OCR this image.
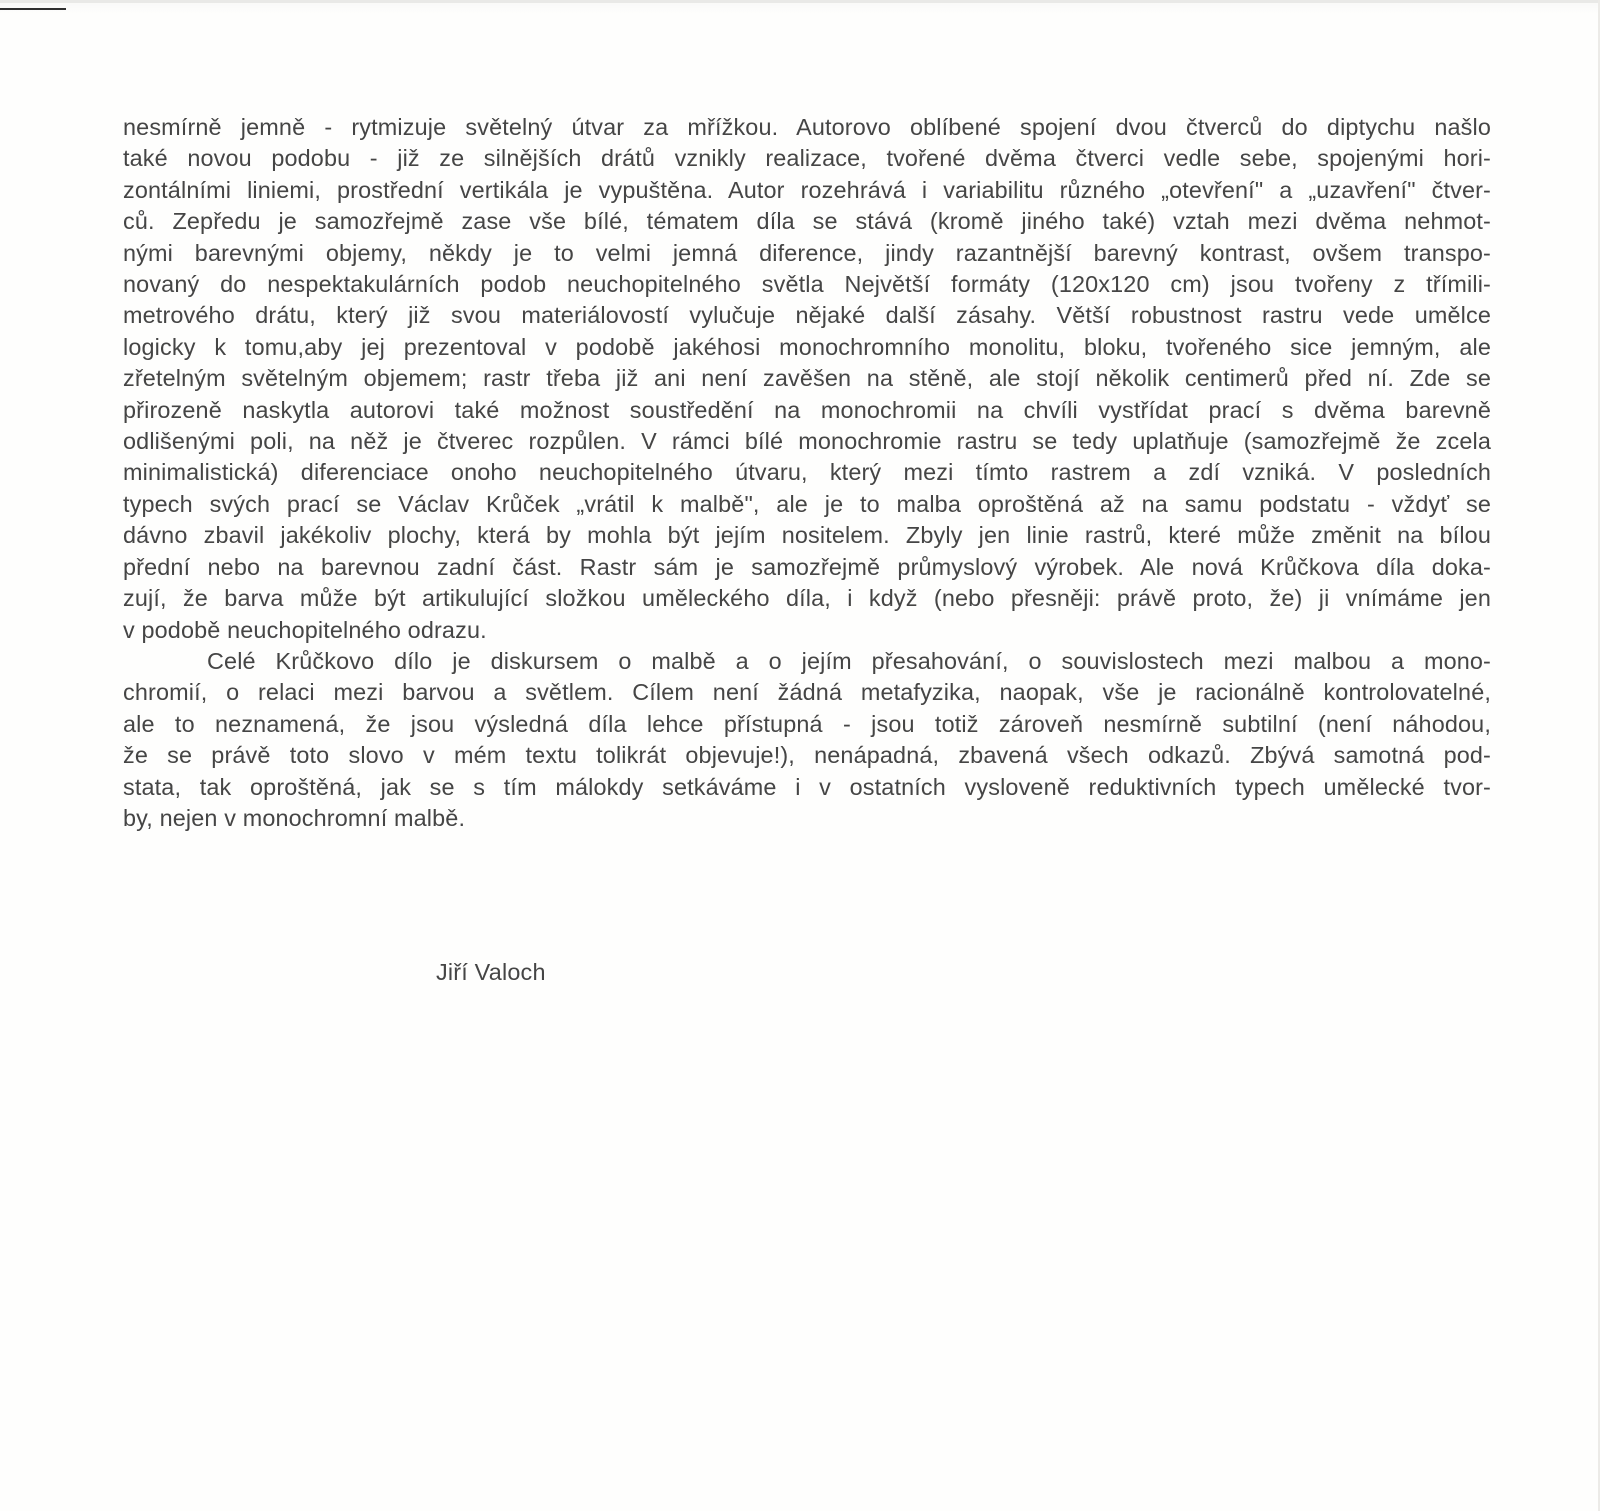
nesmírně jemně - rytmizuje světelný útvar za mřížkou. Autorovo oblíbené spojení dvou čtverců do diptychu našlo
také novou podobu - již ze silnějších drátů vznikly realizace, tvořené dvěma čtverci vedle sebe, spojenými hori-
zontálními liniemi, prostřední vertikála je vypuštěna. Autor rozehrává i variabilitu různého „otevření" a „uzavření" čtver-
ců. Zepředu je samozřejmě zase vše bílé, tématem díla se stává (kromě jiného také) vztah mezi dvěma nehmot-
nými barevnými objemy, někdy je to velmi jemná diference, jindy razantnější barevný kontrast, ovšem transpo-
novaný do nespektakulárních podob neuchopitelného světla Největší formáty (120x120 cm) jsou tvořeny z třímili-
metrového drátu, který již svou materiálovostí vylučuje nějaké další zásahy. Větší robustnost rastru vede umělce
logicky k tomu,aby jej prezentoval v podobě jakéhosi monochromního monolitu, bloku, tvořeného sice jemným, ale
zřetelným světelným objemem; rastr třeba již ani není zavěšen na stěně, ale stojí několik centimerů před ní. Zde se
přirozeně naskytla autorovi také možnost soustředění na monochromii na chvíli vystřídat prací s dvěma barevně
odlišenými poli, na něž je čtverec rozpůlen. V rámci bílé monochromie rastru se tedy uplatňuje (samozřejmě že zcela
minimalistická) diferenciace onoho neuchopitelného útvaru, který mezi tímto rastrem a zdí vzniká. V posledních
typech svých prací se Václav Krůček „vrátil k malbě", ale je to malba oproštěná až na samu podstatu - vždyť se
dávno zbavil jakékoliv plochy, která by mohla být jejím nositelem. Zbyly jen linie rastrů, které může změnit na bílou
přední nebo na barevnou zadní část. Rastr sám je samozřejmě průmyslový výrobek. Ale nová Krůčkova díla doka-
zují, že barva může být artikulující složkou uměleckého díla, i když (nebo přesněji: právě proto, že) ji vnímáme jen
v podobě neuchopitelného odrazu.
Celé Krůčkovo dílo je diskursem o malbě a o jejím přesahování, o souvislostech mezi malbou a mono-
chromií, o relaci mezi barvou a světlem. Cílem není žádná metafyzika, naopak, vše je racionálně kontrolovatelné,
ale to neznamená, že jsou výsledná díla lehce přístupná - jsou totiž zároveň nesmírně subtilní (není náhodou,
že se právě toto slovo v mém textu tolikrát objevuje!), nenápadná, zbavená všech odkazů. Zbývá samotná pod-
stata, tak oproštěná, jak se s tím málokdy setkáváme i v ostatních vysloveně reduktivních typech umělecké tvor-
by, nejen v monochromní malbě.
Jiří Valoch
